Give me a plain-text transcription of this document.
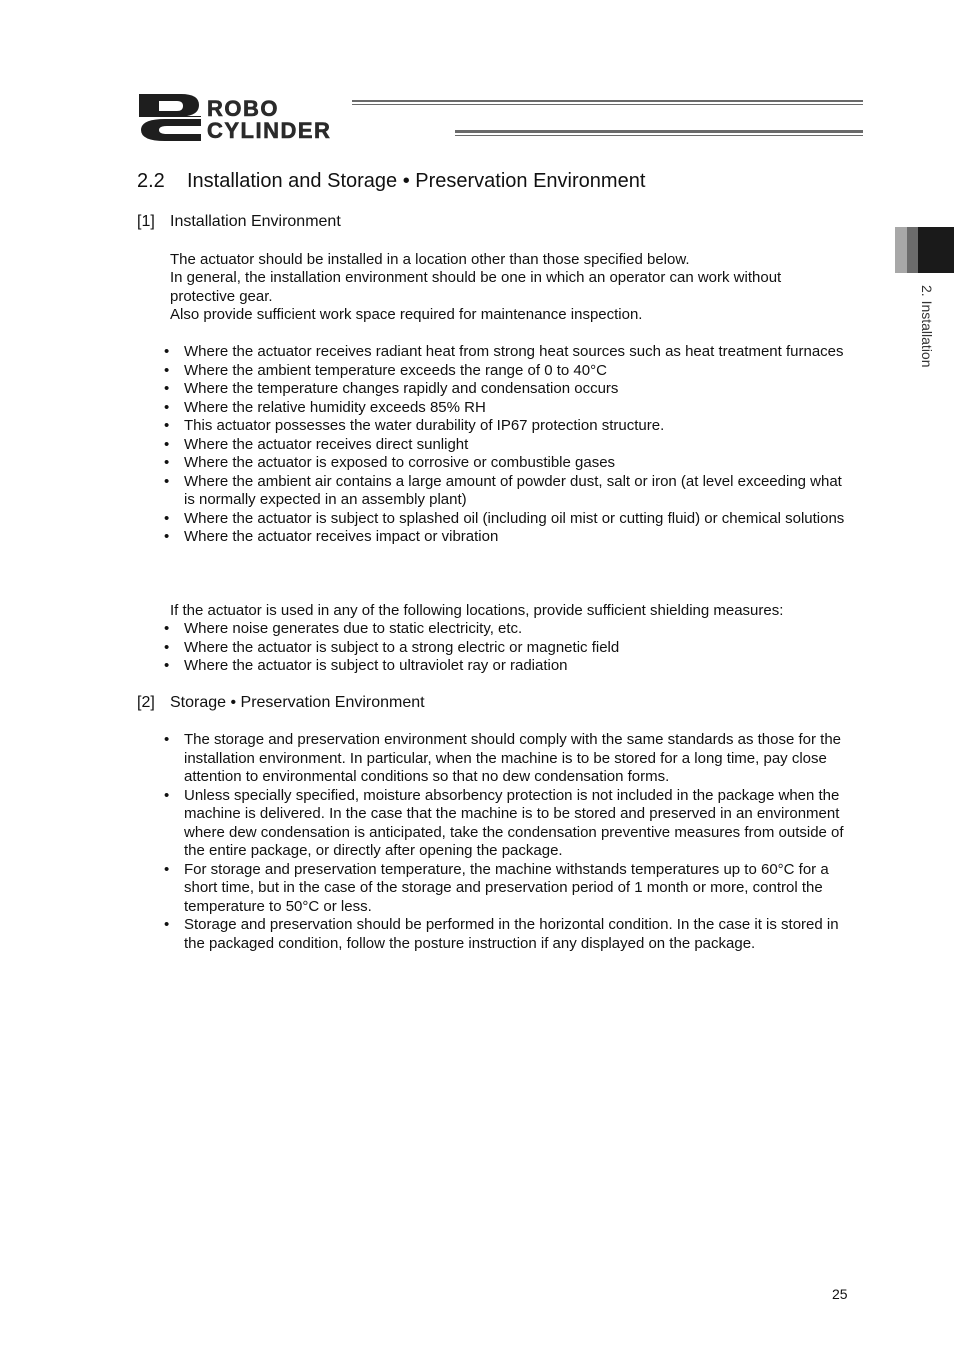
ROBO
CYLINDER
2. Installation
2.2 Installation and Storage • Preservation Environment
[1] Installation Environment
The actuator should be installed in a location other than those specified below.
In general, the installation environment should be one in which an operator can work without protective gear.
Also provide sufficient work space required for maintenance inspection.
• Where the actuator receives radiant heat from strong heat sources such as heat treatment furnaces
• Where the ambient temperature exceeds the range of 0 to 40°C
• Where the temperature changes rapidly and condensation occurs
• Where the relative humidity exceeds 85% RH
• This actuator possesses the water durability of IP67 protection structure.
• Where the actuator receives direct sunlight
• Where the actuator is exposed to corrosive or combustible gases
• Where the ambient air contains a large amount of powder dust, salt or iron (at level exceeding what is normally expected in an assembly plant)
• Where the actuator is subject to splashed oil (including oil mist or cutting fluid) or chemical solutions
• Where the actuator receives impact or vibration
If the actuator is used in any of the following locations, provide sufficient shielding measures:
• Where noise generates due to static electricity, etc.
• Where the actuator is subject to a strong electric or magnetic field
• Where the actuator is subject to ultraviolet ray or radiation
[2] Storage • Preservation Environment
• The storage and preservation environment should comply with the same standards as those for the installation environment. In particular, when the machine is to be stored for a long time, pay close attention to environmental conditions so that no dew condensation forms.
• Unless specially specified, moisture absorbency protection is not included in the package when the machine is delivered. In the case that the machine is to be stored and preserved in an environment where dew condensation is anticipated, take the condensation preventive measures from outside of the entire package, or directly after opening the package.
• For storage and preservation temperature, the machine withstands temperatures up to 60°C for a short time, but in the case of the storage and preservation period of 1 month or more, control the temperature to 50°C or less.
• Storage and preservation should be performed in the horizontal condition. In the case it is stored in the packaged condition, follow the posture instruction if any displayed on the package.
25
